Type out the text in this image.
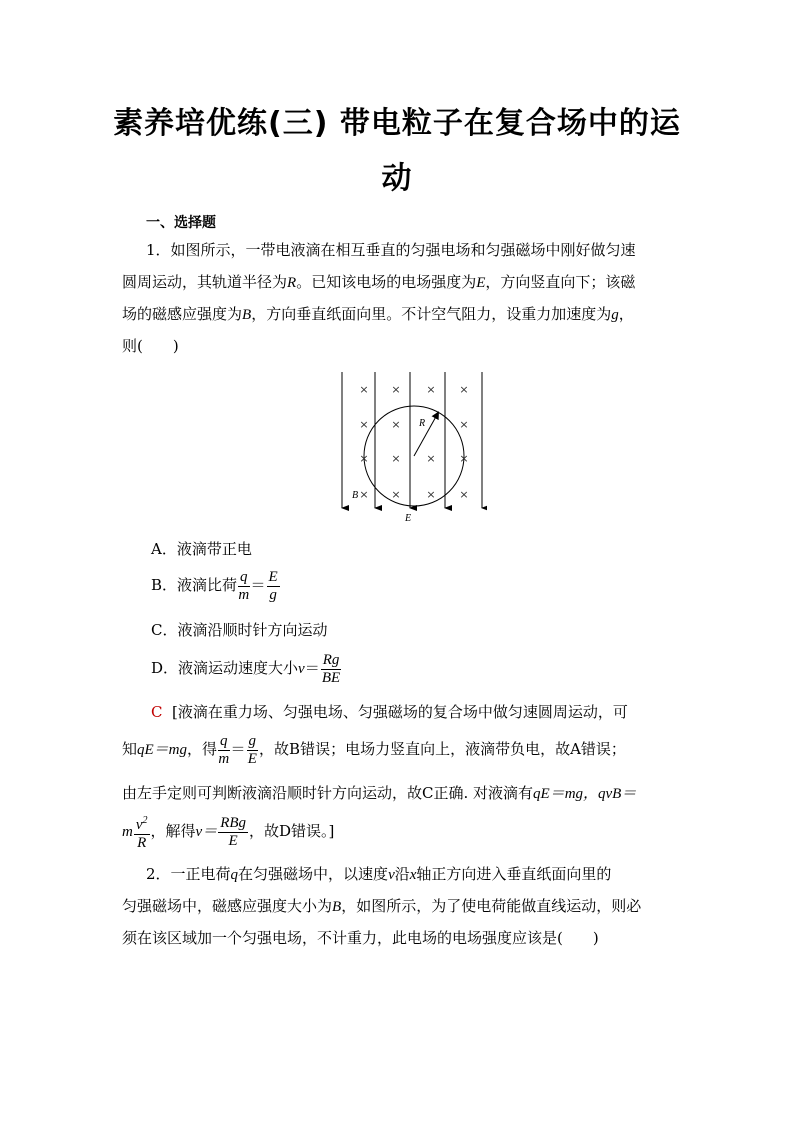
素养培优练(三) 带电粒子在复合场中的运
动
一、选择题
1．如图所示，一带电液滴在相互垂直的匀强电场和匀强磁场中刚好做匀速
圆周运动，其轨道半径为R。已知该电场的电场强度为E，方向竖直向下；该磁
场的磁感应强度为B，方向垂直纸面向里。不计空气阻力，设重力加速度为g，
则(　　)
× × × ×
× ×	×
× × × ×
× × × ×
R
B
E
A．液滴带正电
B．液滴比荷 $\frac{q}{m} = \frac{E}{g}$
C．液滴沿顺时针方向运动
D．液滴运动速度大小$v= \frac{Rg}{BE}$
C [液滴在重力场、匀强电场、匀强磁场的复合场中做匀速圆周运动，可
知qE＝mg，得 $\frac{q}{m} = \frac{g}{E}$ ，故B错误；电场力竖直向上，液滴带负电，故A错误；
由左手定则可判断液滴沿顺时针方向运动，故C正确. 对液滴有qE＝mg，qvB＝
m $\frac{v^2}{R}$ ，解得$v= \frac{\text{RBg}}{E}$ ，故D错误。]
2．一正电荷q在匀强磁场中，以速度v沿x轴正方向进入垂直纸面向里的
匀强磁场中，磁感应强度大小为B，如图所示，为了使电荷能做直线运动，则必
须在该区域加一个匀强电场，不计重力，此电场的电场强度应该是(　　)
